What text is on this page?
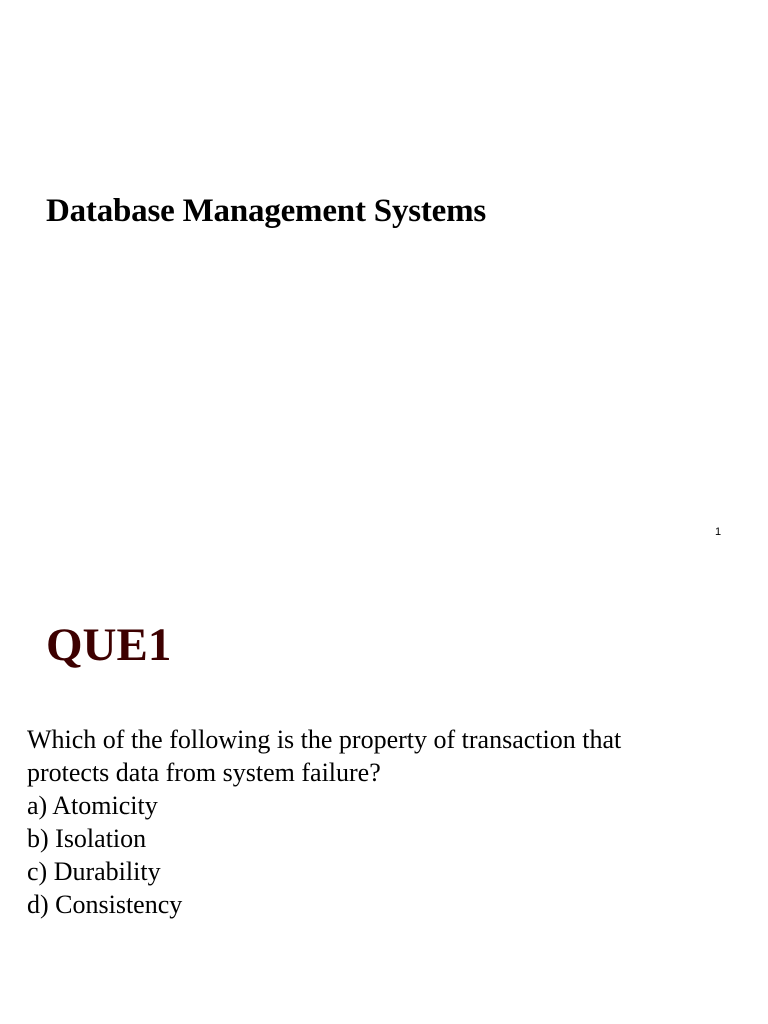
Database Management Systems
1
QUE1

Which of the following is the property of transaction that

protects data from system failure?

a) Atomicity
b) Isolation
c) Durability
d) Consistency
